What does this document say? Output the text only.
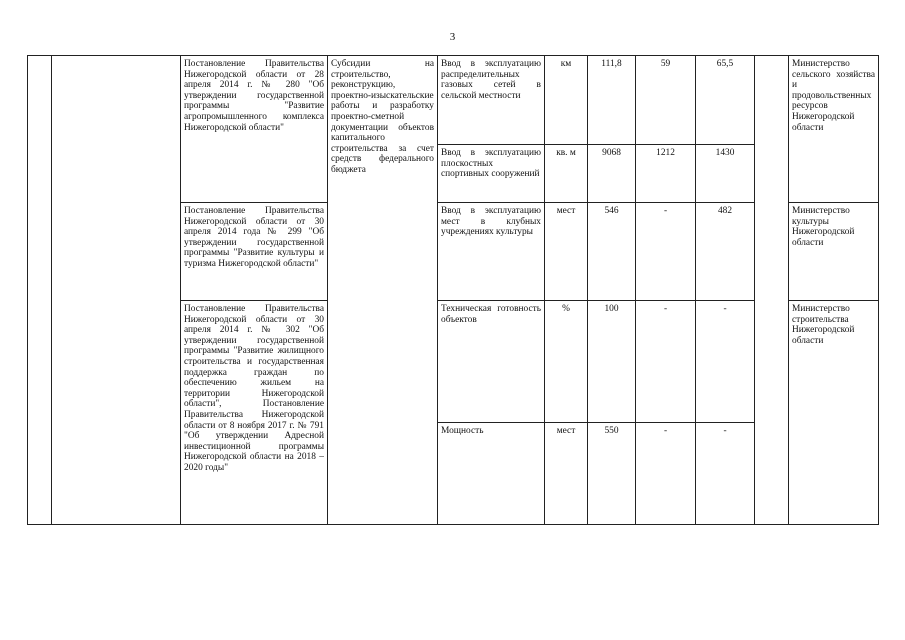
3
		Постановление Правительства Нижегородской области от 28 апреля 2014 г. № 280 "Об утверждении государственной программы "Развитие агропромышленного комплекса Нижегородской области"	Субсидии на строительство, реконструкцию, проектно-изыскательские работы и разработку проектно-сметной документации объектов капитального строительства за счет средств федерального бюджета	Ввод в эксплуатацию распределительных газовых сетей в сельской местности	км	111,8	59	65,5		Министерство сельского хозяйства и продовольственных ресурсов Нижегородской области
				Ввод в эксплуатацию плоскостных спортивных сооружений	кв. м	9068	1212	1430		
		Постановление Правительства Нижегородской области от 30 апреля 2014 года № 299 "Об утверждении государственной программы "Развитие культуры и туризма Нижегородской области"		Ввод в эксплуатацию мест в клубных учреждениях культуры	мест	546	-	482		Министерство культуры Нижегородской области
		Постановление Правительства Нижегородской области от 30 апреля 2014 г. № 302 "Об утверждении государственной программы "Развитие жилищного строительства и государственная поддержка граждан по обеспечению жильем на территории Нижегородской области", Постановление Правительства Нижегородской области от 8 ноября 2017 г. № 791 "Об утверждении Адресной инвестиционной программы Нижегородской области на 2018 – 2020 годы"		Техническая готовность объектов	%	100	-	-		Министерство строительства Нижегородской области
				Мощность	мест	550	-	-		
